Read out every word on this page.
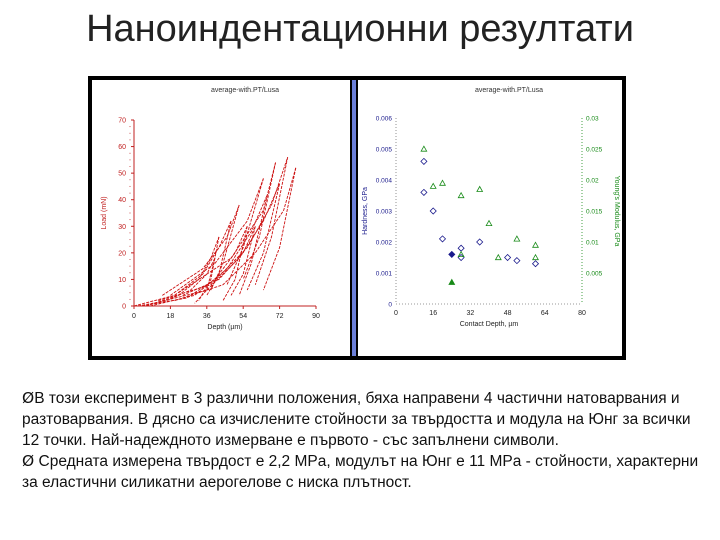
Наноиндентационни резултати
average-with.PT/Lusa
0
10
20
30
40
50
60
70
0	18	36	54	72	90
Depth (µm)
Load (mN)
average-with.PT/Lusa
0
0.001
0.002
0.003
0.004
0.005
0.006
0.005
0.01
0.015
0.02
0.025
0.03
0	16	32	48	64	80
Contact Depth, µm
Hardness, GPa	Young's Modulus, GPa

ØВ този експеримент в 3 различни положения, бяха направени 4 частични натоварвания и разтоварвания. В дясно са изчислените стойности за твърдостта и модула на Юнг за всички 12 точки. Най-надеждното измерване е първото - със запълнени символи.

Ø Средната измерена твърдост е 2,2 MPa, модулът на Юнг е 11 MPa - стойности, характерни за еластични силикатни аерогелове с ниска плътност.
